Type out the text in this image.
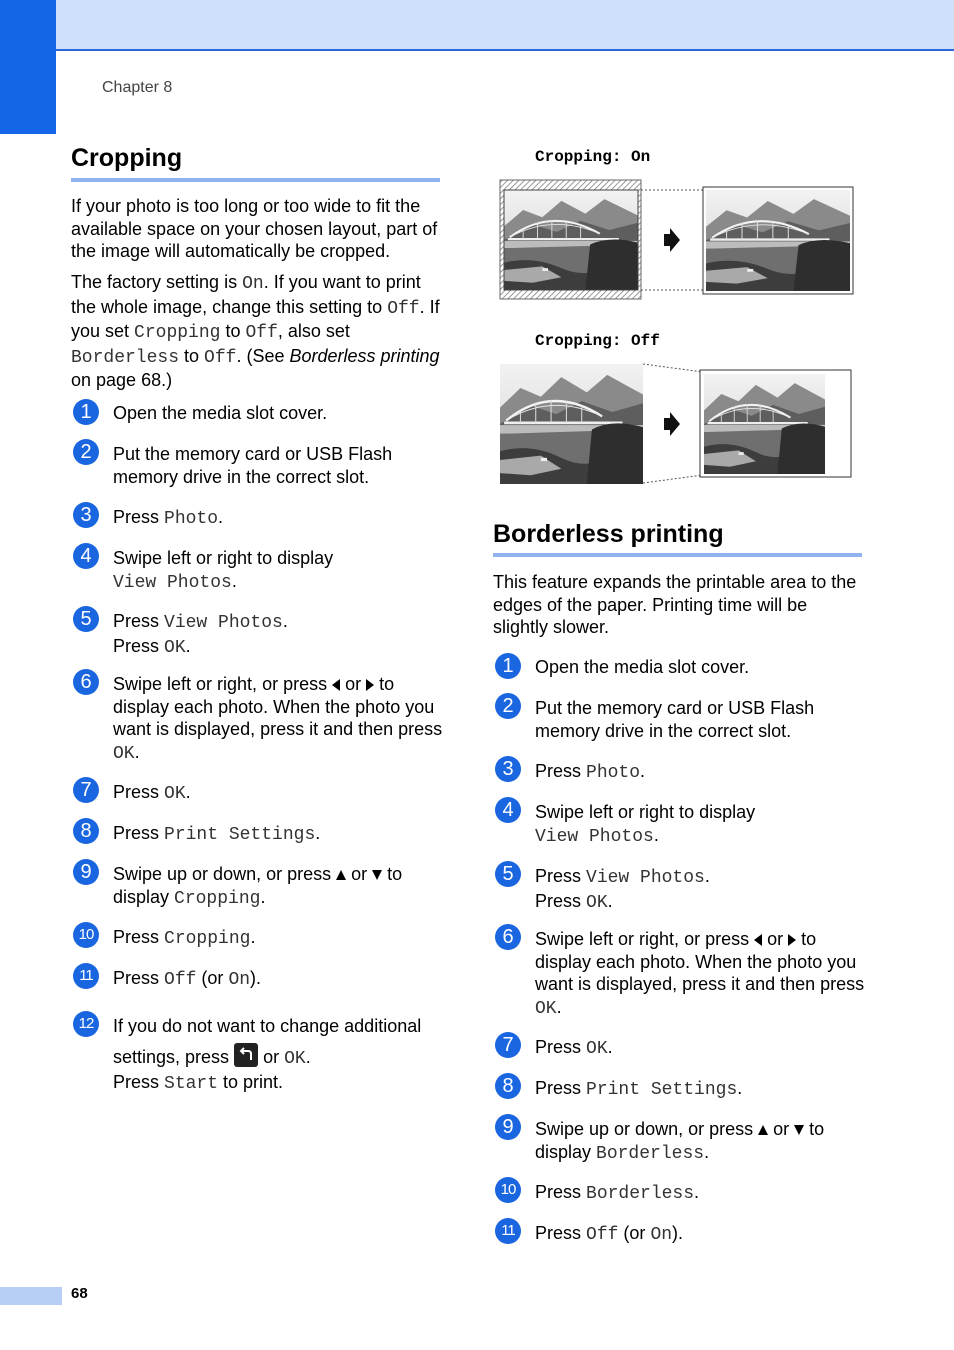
Chapter 8
Cropping
If your photo is too long or too wide to fit the available space on your chosen layout, part of the image will automatically be cropped.
The factory setting is On. If you want to print the whole image, change this setting to Off. If you set Cropping to Off, also set Borderless to Off. (See Borderless printing on page 68.)
1	Open the media slot cover.
2	Put the memory card or USB Flash memory drive in the correct slot.
3	Press Photo.
4	Swipe left or right to display View Photos.
5	Press View Photos.
Press OK.
6	Swipe left or right, or press  or  to display each photo. When the photo you want is displayed, press it and then press OK.
7	Press OK.
8	Press Print Settings.
9	Swipe up or down, or press  or  to display Cropping.
10	Press Cropping.
11	Press Off (or On).
12	If you do not want to change additional
settings, press  or OK.
Press Start to print.
Cropping: On
Cropping: Off
Borderless printing
This feature expands the printable area to the edges of the paper. Printing time will be slightly slower.
1	Open the media slot cover.
2	Put the memory card or USB Flash memory drive in the correct slot.
3	Press Photo.
4	Swipe left or right to display View Photos.
5	Press View Photos.
Press OK.
6	Swipe left or right, or press  or  to display each photo. When the photo you want is displayed, press it and then press OK.
7	Press OK.
8	Press Print Settings.
9	Swipe up or down, or press  or  to display Borderless.
10	Press Borderless.
11	Press Off (or On).
68
